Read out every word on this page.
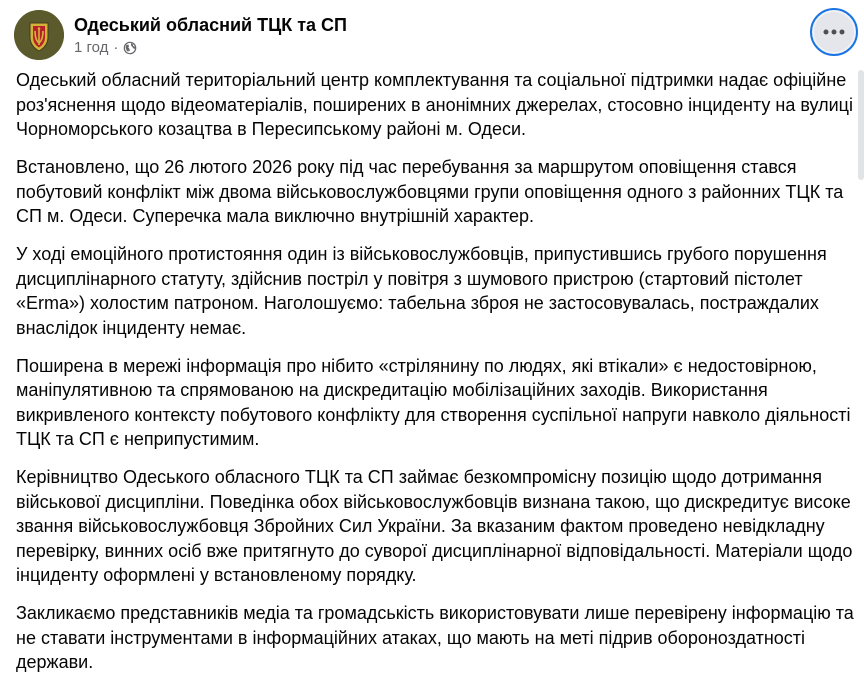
Одеський обласний ТЦК та СП
1 год ·

Одеський обласний територіальний центр комплектування та соціальної підтримки надає офіційне роз'яснення щодо відеоматеріалів, поширених в анонімних джерелах, стосовно інциденту на вулиці Чорноморського козацтва в Пересипському районі м. Одеси.

Встановлено, що 26 лютого 2026 року під час перебування за маршрутом оповіщення стався побутовий конфлікт між двома військовослужбовцями групи оповіщення одного з районних ТЦК та СП м. Одеси. Суперечка мала виключно внутрішній характер.

У ході емоційного протистояння один із військовослужбовців, припустившись грубого порушення дисциплінарного статуту, здійснив постріл у повітря з шумового пристрою (стартовий пістолет «Erma») холостим патроном. Наголошуємо: табельна зброя не застосовувалась, постраждалих внаслідок інциденту немає.

Поширена в мережі інформація про нібито «стрілянину по людях, які втікали» є недостовірною, маніпулятивною та спрямованою на дискредитацію мобілізаційних заходів. Використання викривленого контексту побутового конфлікту для створення суспільної напруги навколо діяльності ТЦК та СП є неприпустимим.

Керівництво Одеського обласного ТЦК та СП займає безкомпромісну позицію щодо дотримання військової дисципліни. Поведінка обох військовослужбовців визнана такою, що дискредитує високе звання військовослужбовця Збройних Сил України. За вказаним фактом проведено невідкладну перевірку, винних осіб вже притягнуто до суворої дисциплінарної відповідальності. Матеріали щодо інциденту оформлені у встановленому порядку.

Закликаємо представників медіа та громадськість використовувати лише перевірену інформацію та не ставати інструментами в інформаційних атаках, що мають на меті підрив обороноздатності держави.
